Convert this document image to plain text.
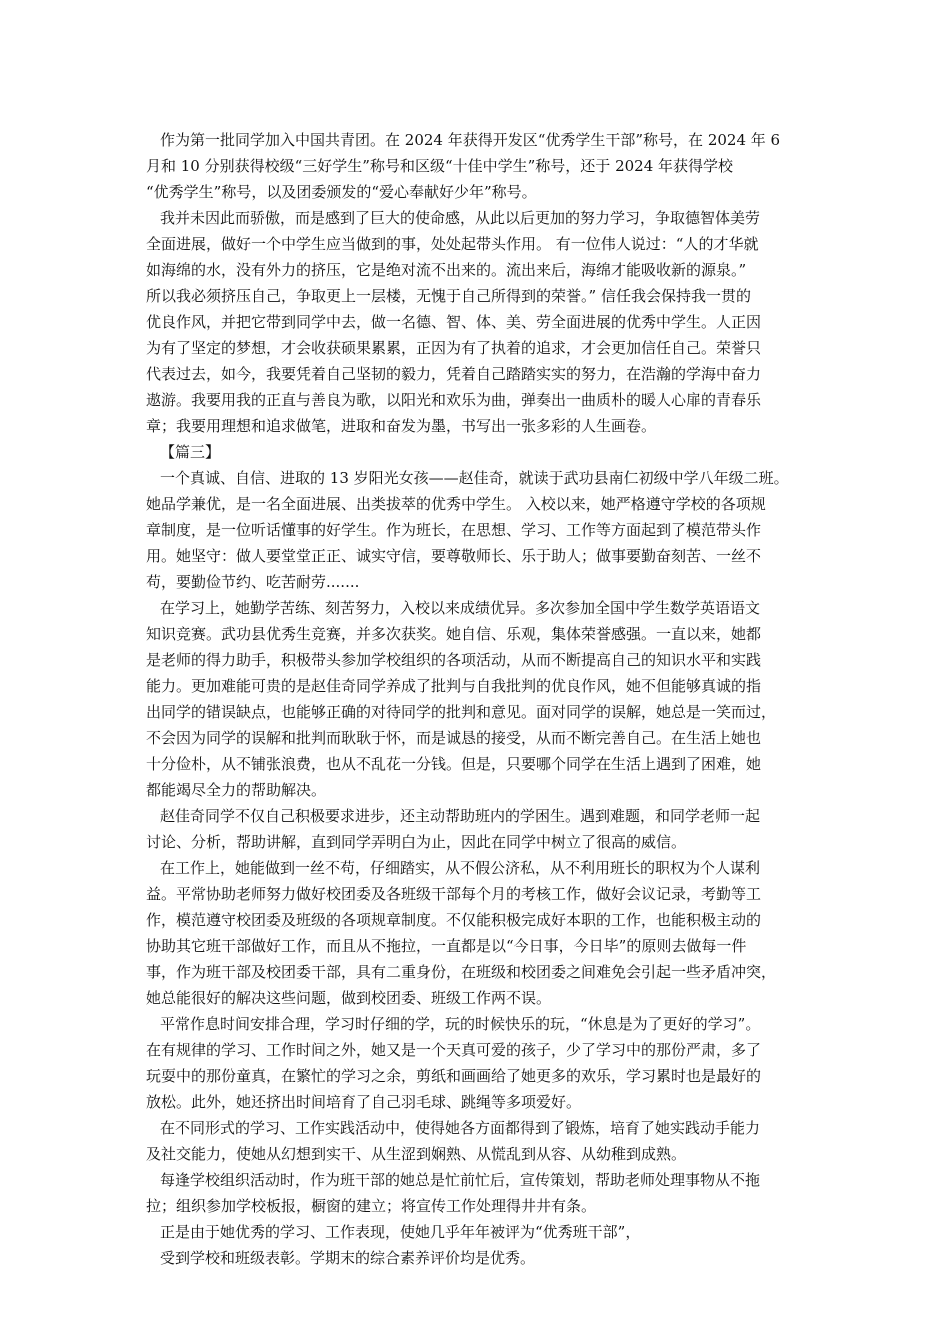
作为第一批同学加入中国共青团。在 2024 年获得开发区“优秀学生干部”称号，在 2024 年 6
月和 10 分别获得校级“三好学生”称号和区级“十佳中学生”称号，还于 2024 年获得学校
“优秀学生”称号，以及团委颁发的“爱心奉献好少年”称号。
我并未因此而骄傲，而是感到了巨大的使命感，从此以后更加的努力学习，争取德智体美劳
全面进展，做好一个中学生应当做到的事，处处起带头作用。 有一位伟人说过：“人的才华就
如海绵的水，没有外力的挤压，它是绝对流不出来的。流出来后，海绵才能吸收新的源泉。”
所以我必须挤压自己，争取更上一层楼，无愧于自己所得到的荣誉。” 信任我会保持我一贯的
优良作风，并把它带到同学中去，做一名德、智、体、美、劳全面进展的优秀中学生。人正因
为有了坚定的梦想，才会收获硕果累累，正因为有了执着的追求，才会更加信任自己。荣誉只
代表过去，如今，我要凭着自己坚韧的毅力，凭着自己踏踏实实的努力，在浩瀚的学海中奋力
遨游。我要用我的正直与善良为歌，以阳光和欢乐为曲，弹奏出一曲质朴的暖人心扉的青春乐
章；我要用理想和追求做笔，进取和奋发为墨，书写出一张多彩的人生画卷。
【篇三】
一个真诚、自信、进取的 13 岁阳光女孩——赵佳奇，就读于武功县南仁初级中学八年级二班。
她品学兼优，是一名全面进展、出类拔萃的优秀中学生。 入校以来，她严格遵守学校的各项规
章制度，是一位听话懂事的好学生。作为班长，在思想、学习、工作等方面起到了模范带头作
用。她坚守：做人要堂堂正正、诚实守信，要尊敬师长、乐于助人；做事要勤奋刻苦、一丝不
苟，要勤俭节约、吃苦耐劳.......
在学习上，她勤学苦练、刻苦努力，入校以来成绩优异。多次参加全国中学生数学英语语文
知识竞赛。武功县优秀生竞赛，并多次获奖。她自信、乐观，集体荣誉感强。一直以来，她都
是老师的得力助手，积极带头参加学校组织的各项活动，从而不断提高自己的知识水平和实践
能力。更加难能可贵的是赵佳奇同学养成了批判与自我批判的优良作风，她不但能够真诚的指
出同学的错误缺点，也能够正确的对待同学的批判和意见。面对同学的误解，她总是一笑而过，
不会因为同学的误解和批判而耿耿于怀，而是诚恳的接受，从而不断完善自己。在生活上她也
十分俭朴，从不铺张浪费，也从不乱花一分钱。但是，只要哪个同学在生活上遇到了困难，她
都能竭尽全力的帮助解决。
赵佳奇同学不仅自己积极要求进步，还主动帮助班内的学困生。遇到难题，和同学老师一起
讨论、分析，帮助讲解，直到同学弄明白为止，因此在同学中树立了很高的威信。
在工作上，她能做到一丝不苟，仔细踏实，从不假公济私，从不利用班长的职权为个人谋利
益。平常协助老师努力做好校团委及各班级干部每个月的考核工作，做好会议记录，考勤等工
作，模范遵守校团委及班级的各项规章制度。不仅能积极完成好本职的工作，也能积极主动的
协助其它班干部做好工作，而且从不拖拉，一直都是以“今日事，今日毕”的原则去做每一件
事，作为班干部及校团委干部，具有二重身份，在班级和校团委之间难免会引起一些矛盾冲突，
她总能很好的解决这些问题，做到校团委、班级工作两不误。
平常作息时间安排合理，学习时仔细的学，玩的时候快乐的玩，“休息是为了更好的学习”。
在有规律的学习、工作时间之外，她又是一个天真可爱的孩子，少了学习中的那份严肃，多了
玩耍中的那份童真，在繁忙的学习之余，剪纸和画画给了她更多的欢乐，学习累时也是最好的
放松。此外，她还挤出时间培育了自己羽毛球、跳绳等多项爱好。
在不同形式的学习、工作实践活动中，使得她各方面都得到了锻炼，培育了她实践动手能力
及社交能力，使她从幻想到实干、从生涩到娴熟、从慌乱到从容、从幼稚到成熟。
每逢学校组织活动时，作为班干部的她总是忙前忙后，宣传策划，帮助老师处理事物从不拖
拉；组织参加学校板报，橱窗的建立；将宣传工作处理得井井有条。
正是由于她优秀的学习、工作表现，使她几乎年年被评为“优秀班干部”，
受到学校和班级表彰。学期末的综合素养评价均是优秀。
